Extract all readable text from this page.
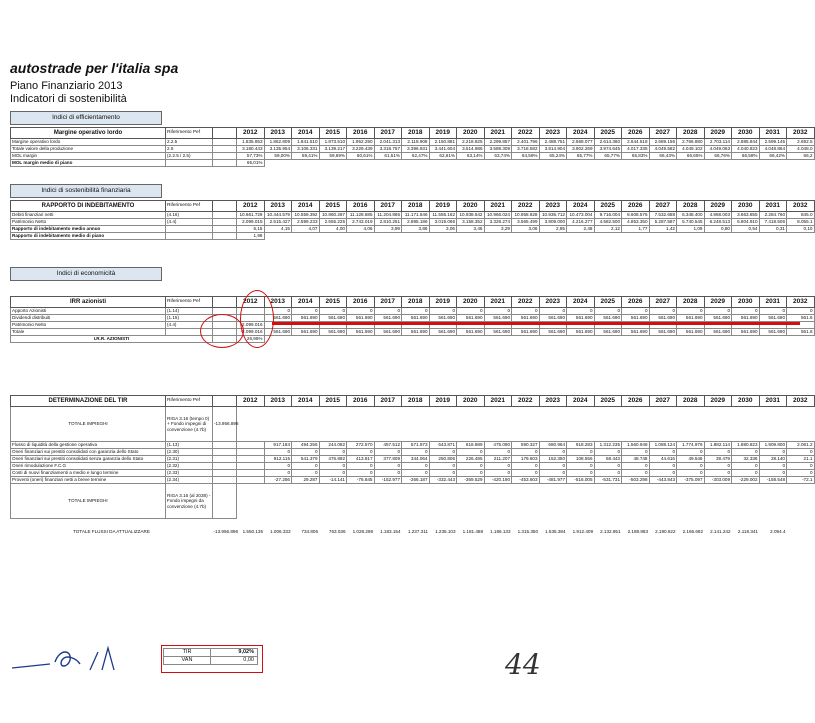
autostrade per l'italia spa
Piano Finanziario 2013
Indicatori di sostenibilità
Indici di efficientamento
Margine operativo lordo	Riferimento Pef		2012	2013	2014	2015	2016	2017	2018	2019	2020	2021	2022	2023	2024	2025	2026	2027	2028	2029	2030	2031	2032
Margine operativo lordo	2.2.5		1.835.853	1.862.809	1.841.510	1.873.510	1.952.290	2.041.313	2.118.908	2.150.881	2.218.825	2.299.857	2.401.796	2.488.751	2.568.077	2.614.360	2.644.518	2.689.156	2.766.880	2.703.114	2.885.844	2.599.145	2.692.5
Totale valore della produzione	2.5		3.180.443	3.135.954	3.106.331	3.139.217	3.229.439	3.318.757	3.396.931	3.441.604	3.514.986	3.589.309	3.718.582	3.814.904	3.902.269	3.974.645	4.017.335	4.049.582	4.049.102	4.049.063	4.040.823	4.048.864	4.048.0
MOL margin	(2.2.5 / 2.5)		57,73%	59,00%	59,41%	59,69%	60,61%	61,51%	62,47%	62,61%	63,14%	63,74%	64,59%	65,24%	65,77%	65,77%	65,83%	66,43%	66,65%	66,76%	66,58%	66,42%	66,2
MOL margin medio di piano			65,01%																				
Indici di sostenibilità finanziaria
RAPPORTO DI INDEBITAMENTO	Riferimento Pef		2012	2013	2014	2015	2016	2017	2018	2019	2020	2021	2022	2023	2024	2025	2026	2027	2028	2029	2030	2031	2032
Debiti finanziari netti	(4.16)		10.661.729	10.444.579	10.559.392	10.860.267	11.128.685	11.204.865	11.171.646	11.555.162	10.938.542	10.966.024	10.958.828	10.836.712	10.473.004	9.716.004	8.608.576	7.532.688	6.348.400	4.968.003	3.663.855	2.284.760	845.0
Patrimonio Netto	(4.4)		2.099.015	2.515.427	2.599.233	2.655.225	2.743.019	2.810.251	2.895.186	3.019.066	3.158.352	3.328.274	3.565.499	3.809.000	4.216.277	4.582.500	4.853.350	5.287.587	5.740.545	6.248.513	6.804.910	7.418.506	8.055.1
Rapporto di indebitamento medio annuo			5,15	4,15	4,07	4,00	4,06	3,99	3,86	3,06	3,46	3,29	3,06	2,85	2,48	2,12	1,77	1,42	1,09	0,80	0,54	0,31	0,10
Rapporto di indebitamento medio di piano			1,98																				
Indici di economicità
IRR azionisti	Riferimento Pef		2012	2013	2014	2015	2016	2017	2018	2019	2020	2021	2022	2023	2024	2025	2026	2027	2028	2029	2030	2031	2032
Apporto Azionisti	(1.14)			0	0	0	0	0	0	0	0	0	0	0	0	0	0	0	0	0	0	0	0
Dividendi distribuiti	(1.15)			561.690	561.690	561.690	561.690	561.690	561.690	561.690	561.690	561.690	561.690	561.690	561.690	561.690	561.690	561.690	561.690	561.690	561.690	561.690	561.6
Patrimonio Netto	(4.4)		-2.099.016																				
Totale			-2.099.016	561.690	561.690	561.690	561.690	561.690	561.690	561.690	561.690	561.690	561.690	561.690	561.690	561.690	561.690	561.690	561.690	561.690	561.690	561.690	561.6
I.R.R. AZIONISTI			26,95%																				
DETERMINAZIONE DEL TIR	Riferimento Pef		2012	2013	2014	2015	2016	2017	2018	2019	2020	2021	2022	2023	2024	2025	2026	2027	2028	2029	2030	2031	2032
TOTALE IMPIEGHI	RIGA 3.16 (tempo 0) + Fondo impegni di convenzione (4.7b)	-13.956.896																					
Flusso di liquidità della gestione operativa	(1.13)			917.184	494.256	244.082	272.570	457.512	571.973	643.871	618.889	475.090	590.327	680.964	918.283	1.312.235	1.560.948	1.088.124	1.774.976	1.882.114	1.880.823	1.909.800	2.061.2
Oneri finanziari sui prestiti consolidati con garanzia dello Stato	(2.30)			0	0	0	0	0	0	0	0	0	0	0	0	0	0	0	0	0	0	0	0
Oneri finanziari sui prestiti consolidati senza garanzia dello Stato	(2.31)			912.115	541.379	476.892	413.817	377.809	344.064	250.806	226.485	211.207	179.603	152.350	108.556	68.443	48.748	44.616	49.546	39.479	32.336	28.140	21.1
Oneri rimodulazione F.C.G	(2.32)			0	0	0	0	0	0	0	0	0	0	0	0	0	0	0	0	0	0	0	0
Costi di nuovi finanziamenti a medio e lungo termine	(2.33)			0	0	0	0	0	0	0	0	0	0	0	0	0	0	0	0	0	0	0	0
Proventi (oneri) finanziari netti a breve termine	(2.34)			-27.256	29.287	-14.141	-76.845	-152.977	-266.187	-332.443	-369.529	-420.190	-453.603	-481.977	-516.005	-531.731	-503.298	-443.843	-375.097	-303.009	-229.002	-158.548	-72.1
TOTALE IMPIEGHI	RIGA 3.16 (al 2038) - Fondo impegni da convenzione (4.7b)																						

TOTALE FLUSSI DA ATTUALIZZARE		-13.956.896	1.550.135	1.006.333	734.806	763.036	1.028.298	1.183.154	1.237.311	1.235.103	1.181.488	1.186.133	1.315.350	1.535.384	1.912.409	2.132.951	2.188.883	2.190.622	2.166.682	2.141.242	2.118.341	2.094.4	
TIR	9,02%
VAN	0,00	44
